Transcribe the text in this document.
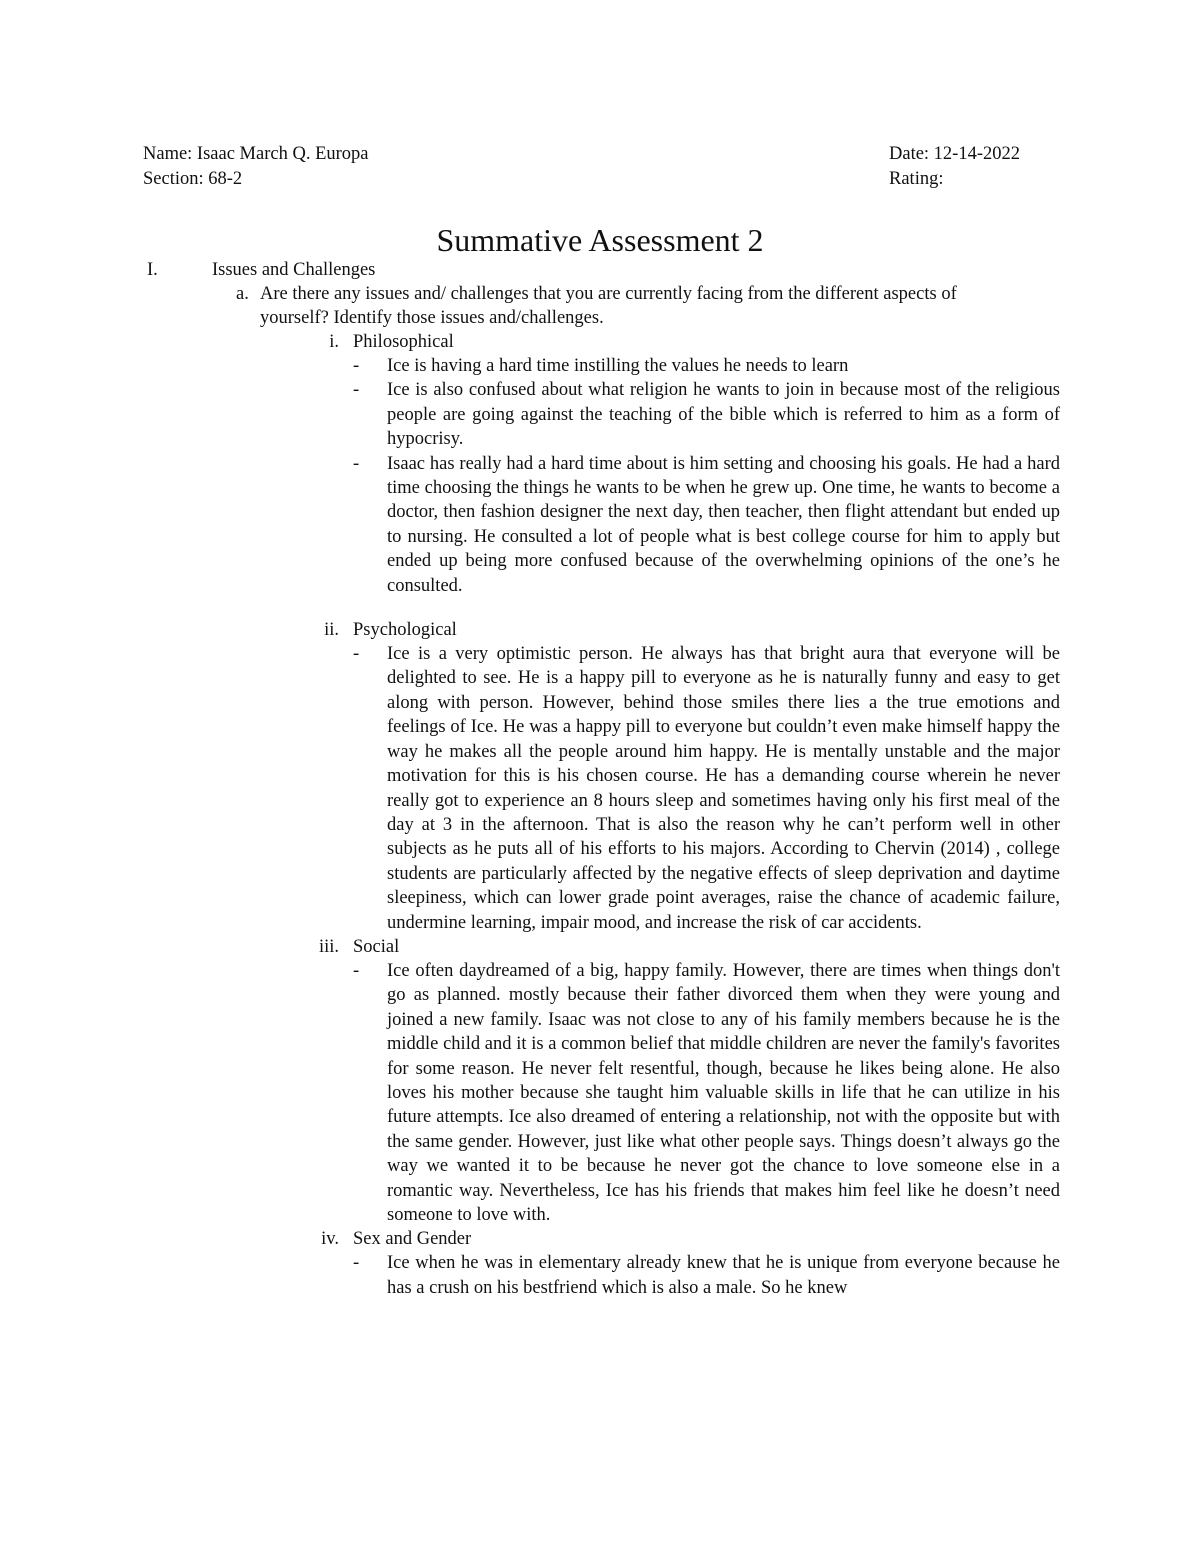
Name: Isaac March Q. Europa
Section: 68-2
Date: 12-14-2022
Rating:
Summative Assessment 2
I.	Issues and Challenges
a. Are there any issues and/ challenges that you are currently facing from the different aspects of yourself? Identify those issues and/challenges.
i. Philosophical
- Ice is having a hard time instilling the values he needs to learn
- Ice is also confused about what religion he wants to join in because most of the religious people are going against the teaching of the bible which is referred to him as a form of hypocrisy.
- Isaac has really had a hard time about is him setting and choosing his goals. He had a hard time choosing the things he wants to be when he grew up. One time, he wants to become a doctor, then fashion designer the next day, then teacher, then flight attendant but ended up to nursing. He consulted a lot of people what is best college course for him to apply but ended up being more confused because of the overwhelming opinions of the one’s he consulted.
ii. Psychological
- Ice is a very optimistic person. He always has that bright aura that everyone will be delighted to see. He is a happy pill to everyone as he is naturally funny and easy to get along with person. However, behind those smiles there lies a the true emotions and feelings of Ice. He was a happy pill to everyone but couldn’t even make himself happy the way he makes all the people around him happy. He is mentally unstable and the major motivation for this is his chosen course. He has a demanding course wherein he never really got to experience an 8 hours sleep and sometimes having only his first meal of the day at 3 in the afternoon. That is also the reason why he can’t perform well in other subjects as he puts all of his efforts to his majors. According to Chervin (2014) , college students are particularly affected by the negative effects of sleep deprivation and daytime sleepiness, which can lower grade point averages, raise the chance of academic failure, undermine learning, impair mood, and increase the risk of car accidents.
iii. Social
- Ice often daydreamed of a big, happy family. However, there are times when things don't go as planned. mostly because their father divorced them when they were young and joined a new family. Isaac was not close to any of his family members because he is the middle child and it is a common belief that middle children are never the family's favorites for some reason. He never felt resentful, though, because he likes being alone. He also loves his mother because she taught him valuable skills in life that he can utilize in his future attempts. Ice also dreamed of entering a relationship, not with the opposite but with the same gender. However, just like what other people says. Things doesn’t always go the way we wanted it to be because he never got the chance to love someone else in a romantic way. Nevertheless, Ice has his friends that makes him feel like he doesn’t need someone to love with.
iv. Sex and Gender
- Ice when he was in elementary already knew that he is unique from everyone because he has a crush on his bestfriend which is also a male. So he knew
